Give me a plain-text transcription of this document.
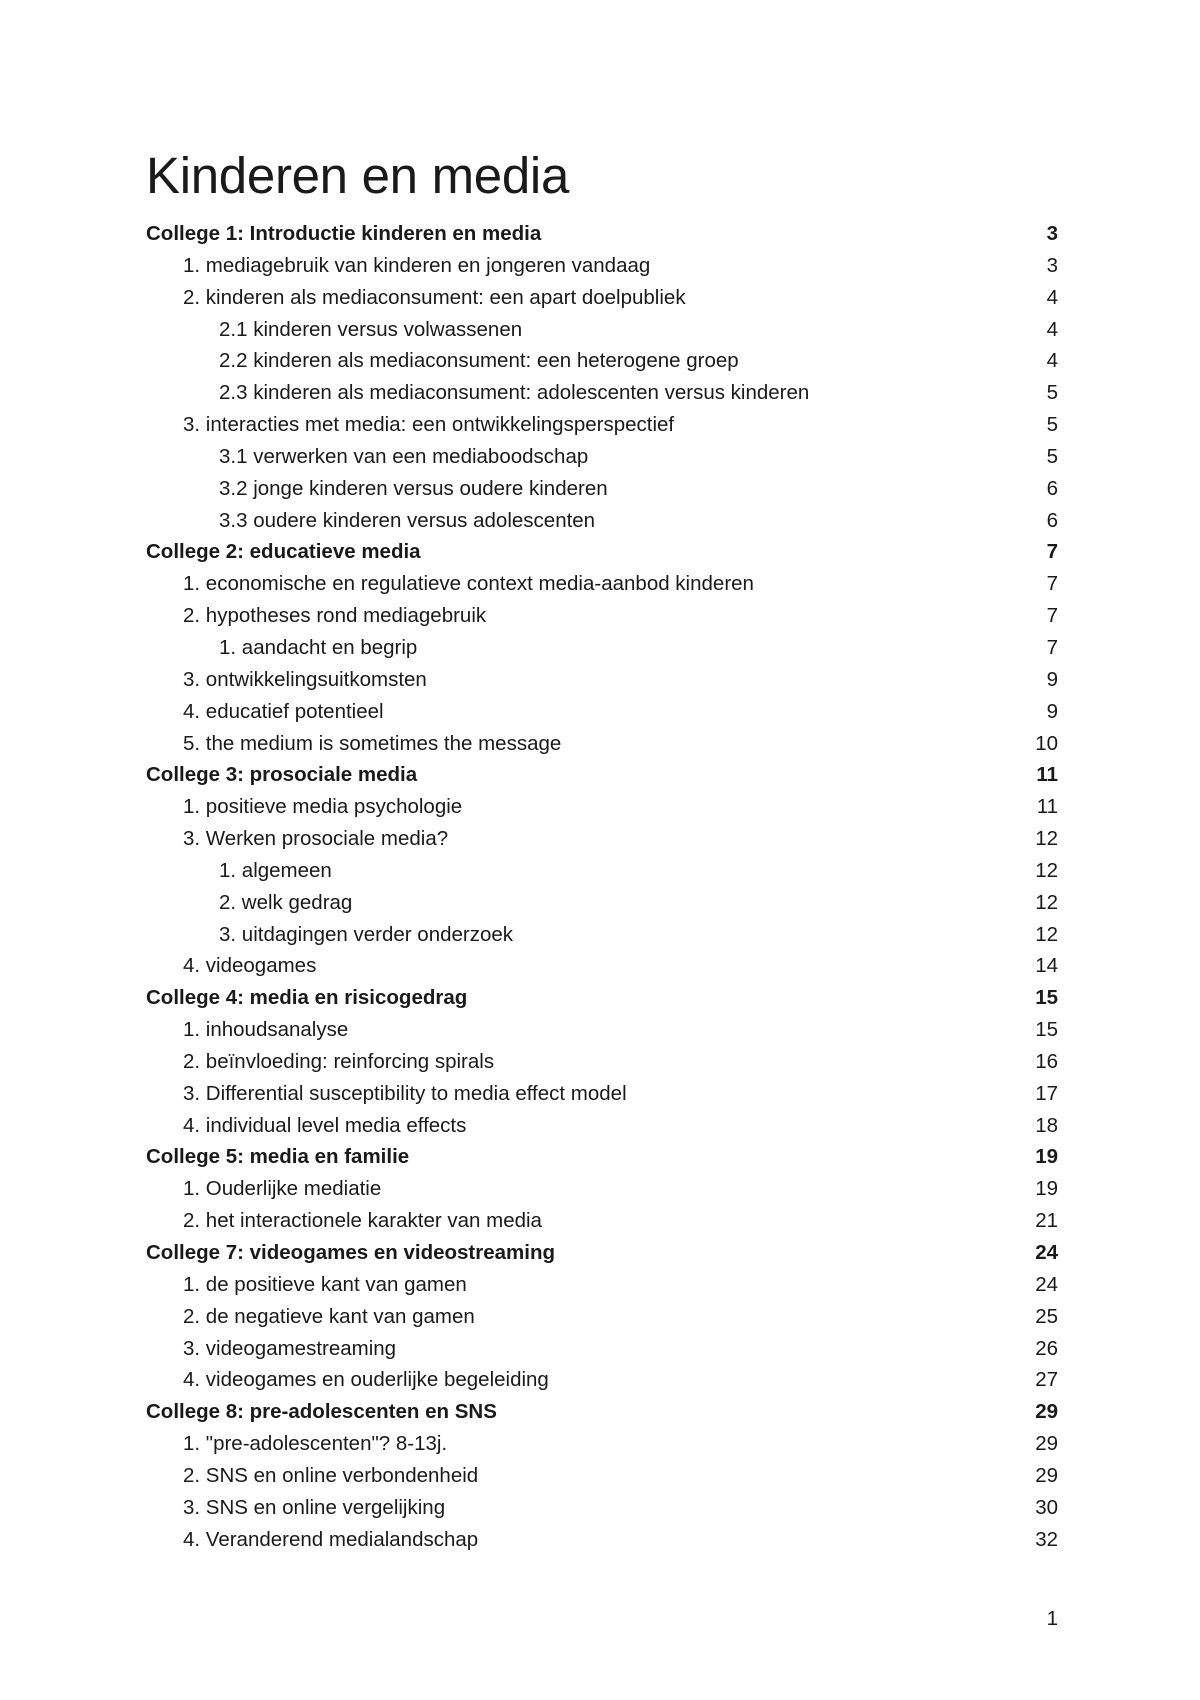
Kinderen en media
College 1: Introductie kinderen en media	3
1. mediagebruik van kinderen en jongeren vandaag	3
2. kinderen als mediaconsument: een apart doelpubliek	4
2.1 kinderen versus volwassenen	4
2.2 kinderen als mediaconsument: een heterogene groep	4
2.3 kinderen als mediaconsument: adolescenten versus kinderen	5
3. interacties met media: een ontwikkelingsperspectief	5
3.1 verwerken van een mediaboodschap	5
3.2 jonge kinderen versus oudere kinderen	6
3.3 oudere kinderen versus adolescenten	6
College 2: educatieve media	7
1. economische en regulatieve context media-aanbod kinderen	7
2. hypotheses rond mediagebruik	7
1. aandacht en begrip	7
3. ontwikkelingsuitkomsten	9
4. educatief potentieel	9
5. the medium is sometimes the message	10
College 3: prosociale media	11
1. positieve media psychologie	11
3. Werken prosociale media?	12
1. algemeen	12
2. welk gedrag	12
3. uitdagingen verder onderzoek	12
4. videogames	14
College 4: media en risicogedrag	15
1. inhoudsanalyse	15
2. beïnvloeding: reinforcing spirals	16
3. Differential susceptibility to media effect model	17
4. individual level media effects	18
College 5: media en familie	19
1. Ouderlijke mediatie	19
2. het interactionele karakter van media	21
College 7: videogames en videostreaming	24
1. de positieve kant van gamen	24
2. de negatieve kant van gamen	25
3. videogamestreaming	26
4. videogames en ouderlijke begeleiding	27
College 8: pre-adolescenten en SNS	29
1. "pre-adolescenten"? 8-13j.	29
2. SNS en online verbondenheid	29
3. SNS en online vergelijking	30
4. Veranderend medialandschap	32
1
